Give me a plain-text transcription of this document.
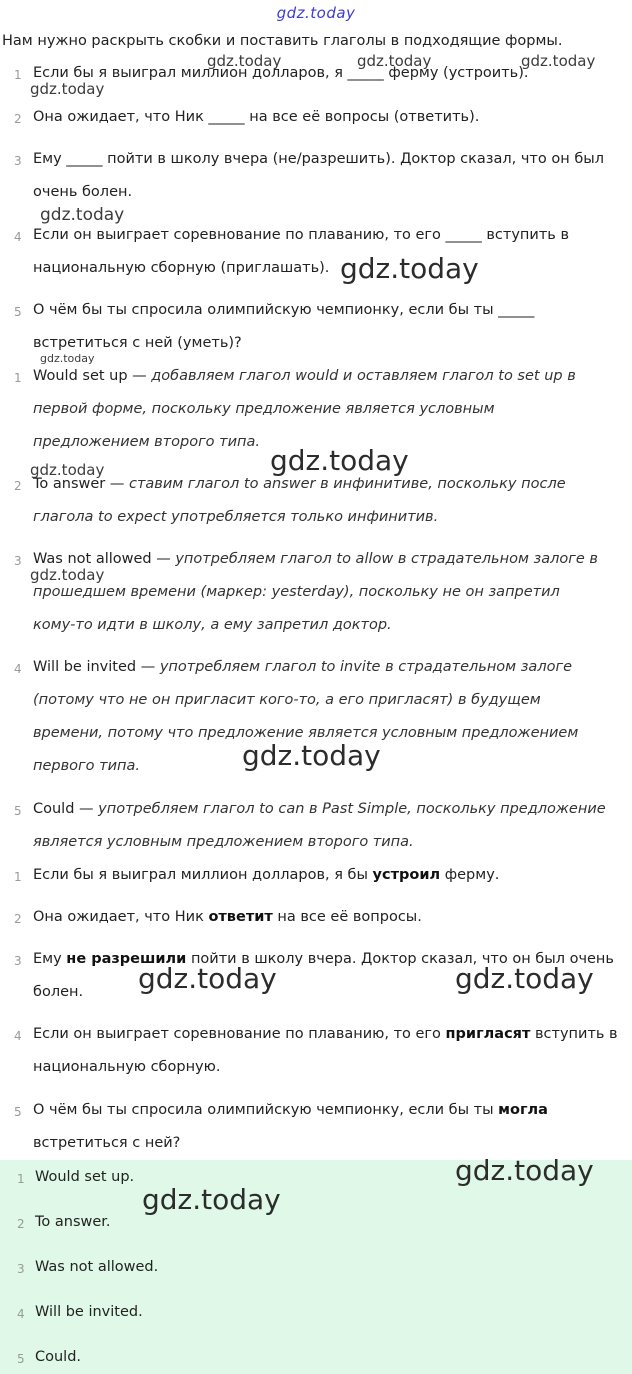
gdz.today
Нам нужно раскрыть скобки и поставить глаголы в подходящие формы.
1 Если бы я выиграл миллион долларов, я _____ ферму (устроить).
2 Она ожидает, что Ник _____ на все её вопросы (ответить).
3 Ему _____ пойти в школу вчера (не/разрешить). Доктор сказал, что он был
очень болен.
4 Если он выиграет соревнование по плаванию, то его _____ вступить в
национальную сборную (приглашать).
5 О чём бы ты спросила олимпийскую чемпионку, если бы ты _____
встретиться с ней (уметь)?
1 Would set up — добавляем глагол would и оставляем глагол to set up в
первой форме, поскольку предложение является условным
предложением второго типа.
2 To answer — ставим глагол to answer в инфинитиве, поскольку после
глагола to expect употребляется только инфинитив.
3 Was not allowed — употребляем глагол to allow в страдательном залоге в
прошедшем времени (маркер: yesterday), поскольку не он запретил
кому-то идти в школу, а ему запретил доктор.
4 Will be invited — употребляем глагол to invite в страдательном залоге
(потому что не он пригласит кого-то, а его пригласят) в будущем
времени, потому что предложение является условным предложением
первого типа.
5 Could — употребляем глагол to can в Past Simple, поскольку предложение
является условным предложением второго типа.
1 Если бы я выиграл миллион долларов, я бы устроил ферму.
2 Она ожидает, что Ник ответит на все её вопросы.
3 Ему не разрешили пойти в школу вчера. Доктор сказал, что он был очень
болен.
4 Если он выиграет соревнование по плаванию, то его пригласят вступить в
национальную сборную.
5 О чём бы ты спросила олимпийскую чемпионку, если бы ты могла
встретиться с ней?
1 Would set up.
2 To answer.
3 Was not allowed.
4 Will be invited.
5 Could.
gdz.today	gdz.today	gdz.today
gdz.today
gdz.today
gdz.today
gdz.today
gdz.today
gdz.today
gdz.today
gdz.today
gdz.today	gdz.today
gdz.today
gdz.today
